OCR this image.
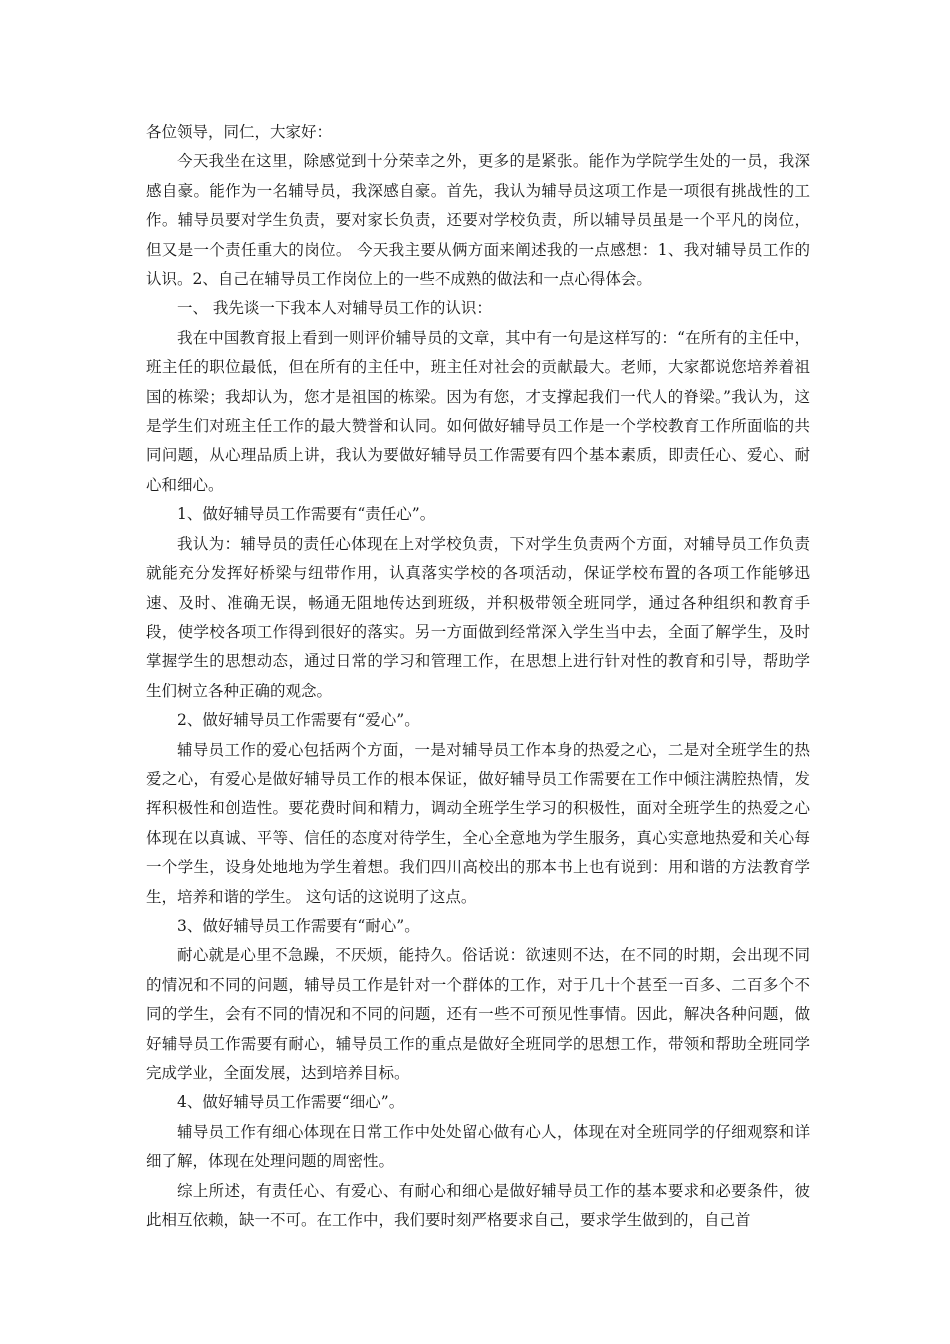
各位领导，同仁，大家好：

今天我坐在这里，除感觉到十分荣幸之外，更多的是紧张。能作为学院学生处的一员，我深感自豪。能作为一名辅导员，我深感自豪。首先，我认为辅导员这项工作是一项很有挑战性的工作。辅导员要对学生负责，要对家长负责，还要对学校负责，所以辅导员虽是一个平凡的岗位，但又是一个责任重大的岗位。 今天我主要从俩方面来阐述我的一点感想：1、我对辅导员工作的认识。2、自己在辅导员工作岗位上的一些不成熟的做法和一点心得体会。

一、 我先谈一下我本人对辅导员工作的认识：

我在中国教育报上看到一则评价辅导员的文章，其中有一句是这样写的：“在所有的主任中，班主任的职位最低，但在所有的主任中，班主任对社会的贡献最大。老师，大家都说您培养着祖国的栋梁；我却认为，您才是祖国的栋梁。因为有您，才支撑起我们一代人的脊梁。”我认为，这是学生们对班主任工作的最大赞誉和认同。如何做好辅导员工作是一个学校教育工作所面临的共同问题，从心理品质上讲，我认为要做好辅导员工作需要有四个基本素质，即责任心、爱心、耐心和细心。

1、做好辅导员工作需要有“责任心”。

我认为：辅导员的责任心体现在上对学校负责，下对学生负责两个方面，对辅导员工作负责就能充分发挥好桥梁与纽带作用，认真落实学校的各项活动，保证学校布置的各项工作能够迅速、及时、准确无误，畅通无阻地传达到班级，并积极带领全班同学，通过各种组织和教育手段，使学校各项工作得到很好的落实。另一方面做到经常深入学生当中去，全面了解学生，及时掌握学生的思想动态，通过日常的学习和管理工作，在思想上进行针对性的教育和引导，帮助学生们树立各种正确的观念。

2、做好辅导员工作需要有“爱心”。

辅导员工作的爱心包括两个方面，一是对辅导员工作本身的热爱之心，二是对全班学生的热爱之心，有爱心是做好辅导员工作的根本保证，做好辅导员工作需要在工作中倾注满腔热情，发挥积极性和创造性。要花费时间和精力，调动全班学生学习的积极性，面对全班学生的热爱之心体现在以真诚、平等、信任的态度对待学生，全心全意地为学生服务，真心实意地热爱和关心每一个学生，设身处地地为学生着想。我们四川高校出的那本书上也有说到：用和谐的方法教育学生，培养和谐的学生。 这句话的这说明了这点。

3、做好辅导员工作需要有“耐心”。

耐心就是心里不急躁，不厌烦，能持久。俗话说：欲速则不达，在不同的时期，会出现不同的情况和不同的问题，辅导员工作是针对一个群体的工作，对于几十个甚至一百多、二百多个不同的学生，会有不同的情况和不同的问题，还有一些不可预见性事情。因此，解决各种问题，做好辅导员工作需要有耐心，辅导员工作的重点是做好全班同学的思想工作，带领和帮助全班同学完成学业，全面发展，达到培养目标。

4、做好辅导员工作需要“细心”。

辅导员工作有细心体现在日常工作中处处留心做有心人，体现在对全班同学的仔细观察和详细了解，体现在处理问题的周密性。

综上所述，有责任心、有爱心、有耐心和细心是做好辅导员工作的基本要求和必要条件，彼此相互依赖，缺一不可。在工作中，我们要时刻严格要求自己，要求学生做到的，自己首
